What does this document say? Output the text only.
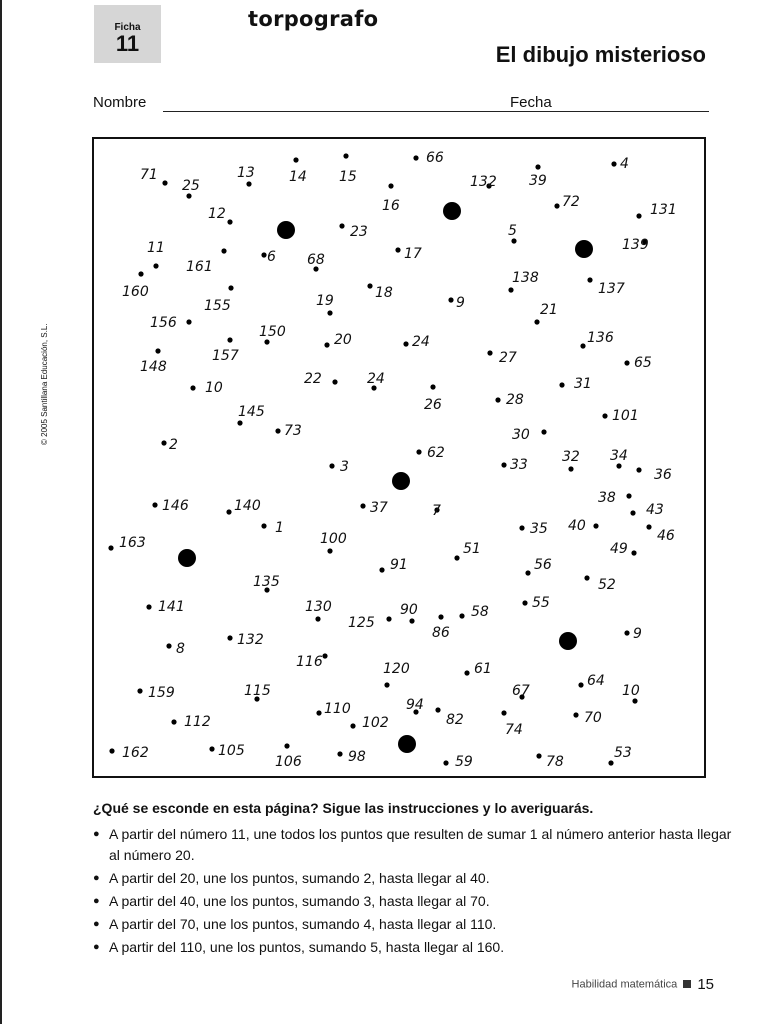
Ficha
11
torpografo
El dibujo misterioso
Nombre	Fecha
© 2005 Santillana Educación, S.L.
71
25
13 14 15
66
132 39
4
16	72	131
12
23	5
139
11
161
6 68	17
160
138
137
155	19	18
9	21
156
150	20	24	136
148
157	27	65
10
22	24
26
31
145
28
101
73	30
2	62
3	33 32 34
36
38
43
146	140	37	7
35 40
46
1
100
163	49
51
91	56
135	52
141	130	90
125
58
55
86
8
132	9
116	120	61
159	115	67
64
10
94
110
112	82
102	74
70
162	105
106	98	59	78
53
¿Qué se esconde en esta página? Sigue las instrucciones y lo averiguarás.
● A partir del número 11, une todos los puntos que resulten de sumar 1 al número anterior hasta llegar al número 20.
● A partir del 20, une los puntos, sumando 2, hasta llegar al 40.
● A partir del 40, une los puntos, sumando 3, hasta llegar al 70.
● A partir del 70, une los puntos, sumando 4, hasta llegar al 110.
● A partir del 110, une los puntos, sumando 5, hasta llegar al 160.
Habilidad matemática 15
